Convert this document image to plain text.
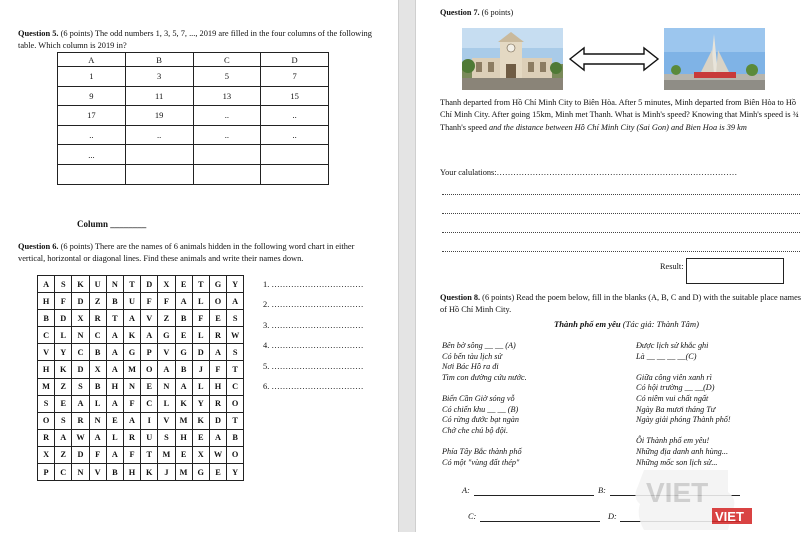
Question 5. (6 points) The odd numbers 1, 3, 5, 7, ..., 2019 are filled in the four columns of the following table. Which column is 2019 in?
A	B	C	D
1	3	5	7
9	11	13	15
17	19	..	..
..	..	..	..
...			

Column ________
Question 6. (6 points) There are the names of 6 animals hidden in the following word chart in either vertical, horizontal or diagonal lines. Find these animals and write their names down.
A	S	K	U	N	T	D	X	E	T	G	Y
H	F	D	Z	B	U	F	F	A	L	O	A
B	D	X	R	T	A	V	Z	B	F	E	S
C	L	N	C	A	K	A	G	E	L	R	W
V	Y	C	B	A	G	P	V	G	D	A	S
H	K	D	X	A	M	O	A	B	J	F	T
M	Z	S	B	H	N	E	N	A	L	H	C
S	E	A	L	A	F	C	L	K	Y	R	O
O	S	R	N	E	A	I	V	M	K	D	T
R	A	W	A	L	R	U	S	H	E	A	B
X	Z	D	F	A	F	T	M	E	X	W	O
P	C	N	V	B	H	K	J	M	G	E	Y
1. ……………………………
2. ……………………………
3. ……………………………
4. ……………………………
5. ……………………………
6. ……………………………
Question 7. (6 points)
Thanh departed from Hồ Chí Minh City to Biên Hòa. After 5 minutes, Minh departed from Biên Hòa to Hồ Chí Minh City. After going 15km, Minh met Thanh. What is Minh's speed? Knowing that Minh's speed is ¾ Thanh's speed and the distance between Hồ Chí Minh City (Sai Gon) and Bien Hoa is 39 km
Your calulations:……………………………………………………………………………
Result:
Question 8. (6 points) Read the poem below, fill in the blanks (A, B, C and D) with the suitable place names of Hồ Chí Minh City.
Thành phố em yêu (Tác giả: Thành Tâm)
Bên bờ sông __ __ (A)
Có bến tàu lịch sử
Nơi Bác Hồ ra đi
Tìm con đường cứu nước.
Biển Cần Giờ sóng vỗ
Có chiến khu __ __ (B)
Có rừng đước bạt ngàn
Chở che chú bộ đội.
Phía Tây Bắc thành phố
Có một "vùng đất thép"
Được lịch sử khắc ghi
Là __ __ __ __(C)
Giữa công viên xanh rì
Có hội trường __ __(D)
Có niềm vui chất ngất
Ngày Ba mươi tháng Tư
Ngày giải phóng Thành phố!
Ôi Thành phố em yêu!
Những địa danh anh hùng...
Những mốc son lịch sử...
A:	B:
C:	D:
VIET
VIET
